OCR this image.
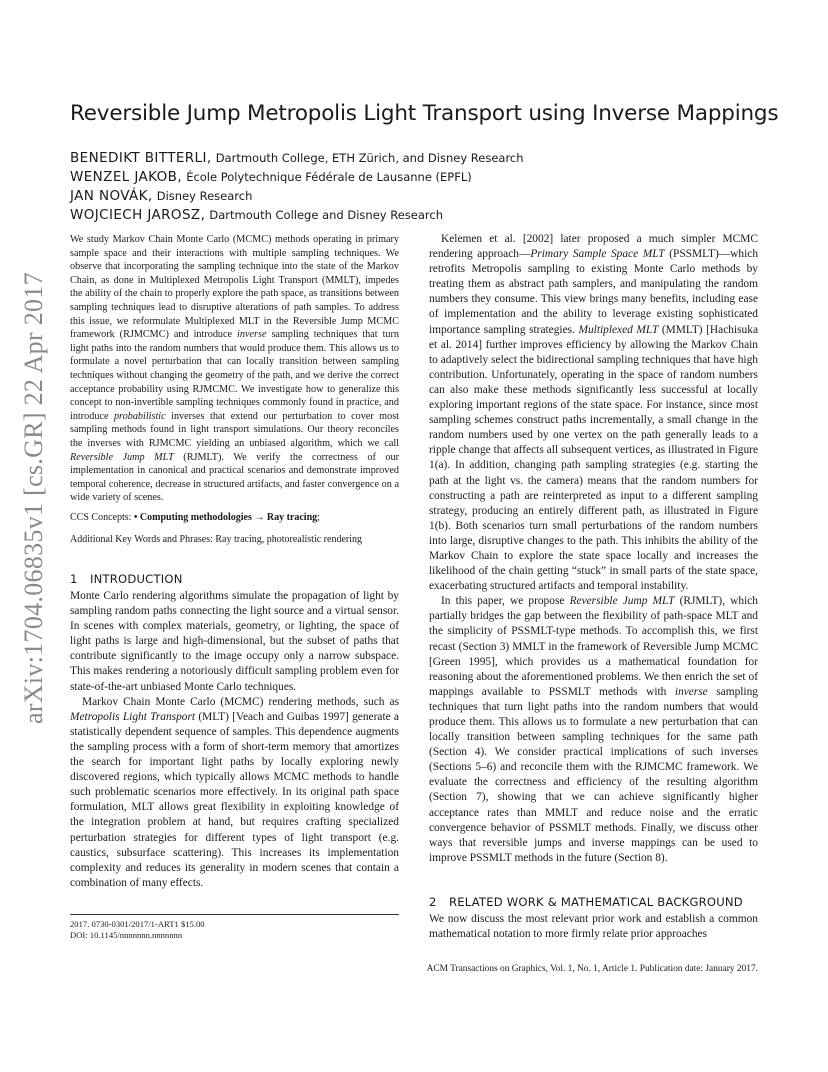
arXiv:1704.06835v1 [cs.GR] 22 Apr 2017
Reversible Jump Metropolis Light Transport using Inverse Mappings
BENEDIKT BITTERLI, Dartmouth College, ETH Zürich, and Disney Research
WENZEL JAKOB, École Polytechnique Fédérale de Lausanne (EPFL)
JAN NOVÁK, Disney Research
WOJCIECH JAROSZ, Dartmouth College and Disney Research

We study Markov Chain Monte Carlo (MCMC) methods operating in primary sample space and their interactions with multiple sampling techniques. We observe that incorporating the sampling technique into the state of the Markov Chain, as done in Multiplexed Metropolis Light Transport (MMLT), impedes the ability of the chain to properly explore the path space, as transitions between sampling techniques lead to disruptive alterations of path samples. To address this issue, we reformulate Multiplexed MLT in the Reversible Jump MCMC framework (RJMCMC) and introduce inverse sampling techniques that turn light paths into the random numbers that would produce them. This allows us to formulate a novel perturbation that can locally transition between sampling techniques without changing the geometry of the path, and we derive the correct acceptance probability using RJMCMC. We investigate how to generalize this concept to non-invertible sampling techniques commonly found in practice, and introduce probabilistic inverses that extend our perturbation to cover most sampling methods found in light transport simulations. Our theory reconciles the inverses with RJMCMC yielding an unbiased algorithm, which we call Reversible Jump MLT (RJMLT). We verify the correctness of our implementation in canonical and practical scenarios and demonstrate improved temporal coherence, decrease in structured artifacts, and faster convergence on a wide variety of scenes.

CCS Concepts: • Computing methodologies → Ray tracing;
Additional Key Words and Phrases: Ray tracing, photorealistic rendering
1 INTRODUCTION

Monte Carlo rendering algorithms simulate the propagation of light by sampling random paths connecting the light source and a virtual sensor. In scenes with complex materials, geometry, or lighting, the space of light paths is large and high-dimensional, but the subset of paths that contribute significantly to the image occupy only a narrow subspace. This makes rendering a notoriously difficult sampling problem even for state-of-the-art unbiased Monte Carlo techniques.

Markov Chain Monte Carlo (MCMC) rendering methods, such as Metropolis Light Transport (MLT) [Veach and Guibas 1997] generate a statistically dependent sequence of samples. This dependence augments the sampling process with a form of short-term memory that amortizes the search for important light paths by locally exploring newly discovered regions, which typically allows MCMC methods to handle such problematic scenarios more effectively. In its original path space formulation, MLT allows great flexibility in exploiting knowledge of the integration problem at hand, but requires crafting specialized perturbation strategies for different types of light transport (e.g. caustics, subsurface scattering). This increases its implementation complexity and reduces its generality in modern scenes that contain a combination of many effects.

2017. 0730-0301/2017/1-ART1 $15.00
DOI: 10.1145/nnnnnnn.nnnnnnn

Kelemen et al. [2002] later proposed a much simpler MCMC rendering approach—Primary Sample Space MLT (PSSMLT)—which retrofits Metropolis sampling to existing Monte Carlo methods by treating them as abstract path samplers, and manipulating the random numbers they consume. This view brings many benefits, including ease of implementation and the ability to leverage existing sophisticated importance sampling strategies. Multiplexed MLT (MMLT) [Hachisuka et al. 2014] further improves efficiency by allowing the Markov Chain to adaptively select the bidirectional sampling techniques that have high contribution. Unfortunately, operating in the space of random numbers can also make these methods significantly less successful at locally exploring important regions of the state space. For instance, since most sampling schemes construct paths incrementally, a small change in the random numbers used by one vertex on the path generally leads to a ripple change that affects all subsequent vertices, as illustrated in Figure 1(a). In addition, changing path sampling strategies (e.g. starting the path at the light vs. the camera) means that the random numbers for constructing a path are reinterpreted as input to a different sampling strategy, producing an entirely different path, as illustrated in Figure 1(b). Both scenarios turn small perturbations of the random numbers into large, disruptive changes to the path. This inhibits the ability of the Markov Chain to explore the state space locally and increases the likelihood of the chain getting “stuck” in small parts of the state space, exacerbating structured artifacts and temporal instability.

In this paper, we propose Reversible Jump MLT (RJMLT), which partially bridges the gap between the flexibility of path-space MLT and the simplicity of PSSMLT-type methods. To accomplish this, we first recast (Section 3) MMLT in the framework of Reversible Jump MCMC [Green 1995], which provides us a mathematical foundation for reasoning about the aforementioned problems. We then enrich the set of mappings available to PSSMLT methods with inverse sampling techniques that turn light paths into the random numbers that would produce them. This allows us to formulate a new perturbation that can locally transition between sampling techniques for the same path (Section 4). We consider practical implications of such inverses (Sections 5–6) and reconcile them with the RJMCMC framework. We evaluate the correctness and efficiency of the resulting algorithm (Section 7), showing that we can achieve significantly higher acceptance rates than MMLT and reduce noise and the erratic convergence behavior of PSSMLT methods. Finally, we discuss other ways that reversible jumps and inverse mappings can be used to improve PSSMLT methods in the future (Section 8).

2 RELATED WORK & MATHEMATICAL BACKGROUND

We now discuss the most relevant prior work and establish a common mathematical notation to more firmly relate prior approaches

ACM Transactions on Graphics, Vol. 1, No. 1, Article 1. Publication date: January 2017.
